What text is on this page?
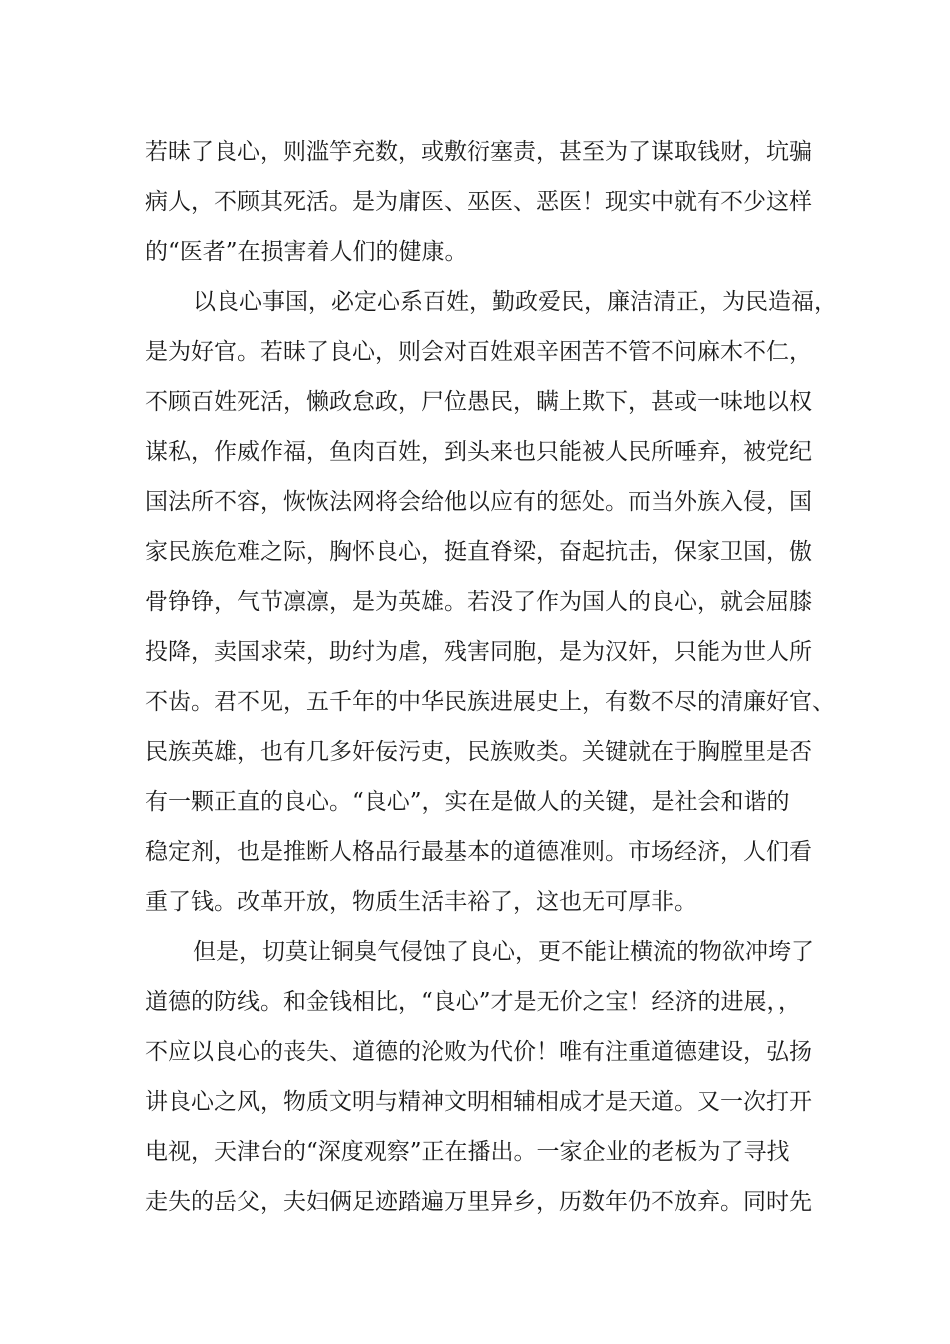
若昧了良心，则滥竽充数，或敷衍塞责，甚至为了谋取钱财，坑骗
病人，不顾其死活。是为庸医、巫医、恶医！现实中就有不少这样
的“医者”在损害着人们的健康。
以良心事国，必定心系百姓，勤政爱民，廉洁清正，为民造福，
是为好官。若昧了良心，则会对百姓艰辛困苦不管不问麻木不仁，
不顾百姓死活，懒政怠政，尸位愚民，瞒上欺下，甚或一味地以权
谋私，作威作福，鱼肉百姓，到头来也只能被人民所唾弃，被党纪
国法所不容，恢恢法网将会给他以应有的惩处。而当外族入侵，国
家民族危难之际，胸怀良心，挺直脊梁，奋起抗击，保家卫国，傲
骨铮铮，气节凛凛，是为英雄。若没了作为国人的良心，就会屈膝
投降，卖国求荣，助纣为虐，残害同胞，是为汉奸，只能为世人所
不齿。君不见，五千年的中华民族进展史上，有数不尽的清廉好官、
民族英雄，也有几多奸佞污吏，民族败类。关键就在于胸膛里是否
有一颗正直的良心。“良心”，实在是做人的关键，是社会和谐的
稳定剂，也是推断人格品行最基本的道德准则。市场经济，人们看
重了钱。改革开放，物质生活丰裕了，这也无可厚非。
但是，切莫让铜臭气侵蚀了良心，更不能让横流的物欲冲垮了
道德的防线。和金钱相比，“良心”才是无价之宝！经济的进展，，
不应以良心的丧失、道德的沦败为代价！唯有注重道德建设，弘扬
讲良心之风，物质文明与精神文明相辅相成才是天道。又一次打开
电视，天津台的“深度观察”正在播出。一家企业的老板为了寻找
走失的岳父，夫妇俩足迹踏遍万里异乡，历数年仍不放弃。同时先
